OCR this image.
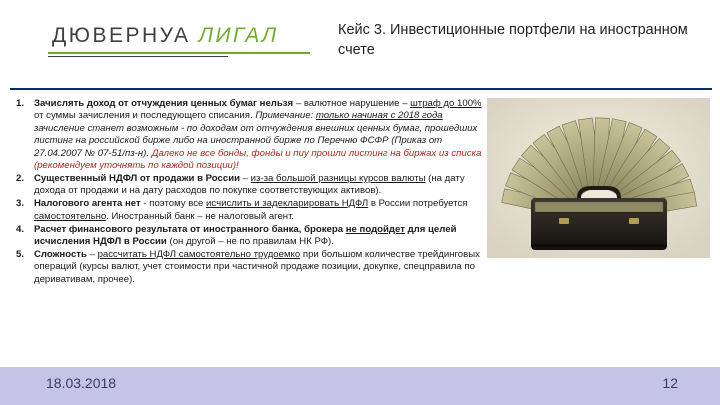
ДЮВЕРНУА ЛИГАЛ	Кейс 3. Инвестиционные портфели на иностранном счете
1. Зачислять доход от отчуждения ценных бумаг нельзя – валютное нарушение – штраф до 100% от суммы зачисления и последующего списания. Примечание: только начиная с 2018 года зачисление станет возможным - по доходам от отчуждения внешних ценных бумаг, прошедших листинг на российской бирже либо на иностранной бирже по Перечню ФСФР (Приказ от 27.04.2007 № 07-51/пз-н). Далеко не все бонды, фонды и пиу прошли листинг на биржах из списка (рекомендуем уточнять по каждой позиции)!
2. Существенный НДФЛ от продажи в России – из-за большой разницы курсов валюты (на дату дохода от продажи и на дату расходов по покупке соответствующих активов).
3. Налогового агента нет - поэтому все исчислить и задекларировать НДФЛ в России потребуется самостоятельно. Иностранный банк – не налоговый агент.
4. Расчет финансового результата от иностранного банка, брокера не подойдет для целей исчисления НДФЛ в России (он другой – не по правилам НК РФ).
5. Сложность – рассчитать НДФЛ самостоятельно трудоемко при большом количестве трейдинговых операций (курсы валют, учет стоимости при частичной продаже позиции, докупке, спецправила по деривативам, прочее).
18.03.2018	12
